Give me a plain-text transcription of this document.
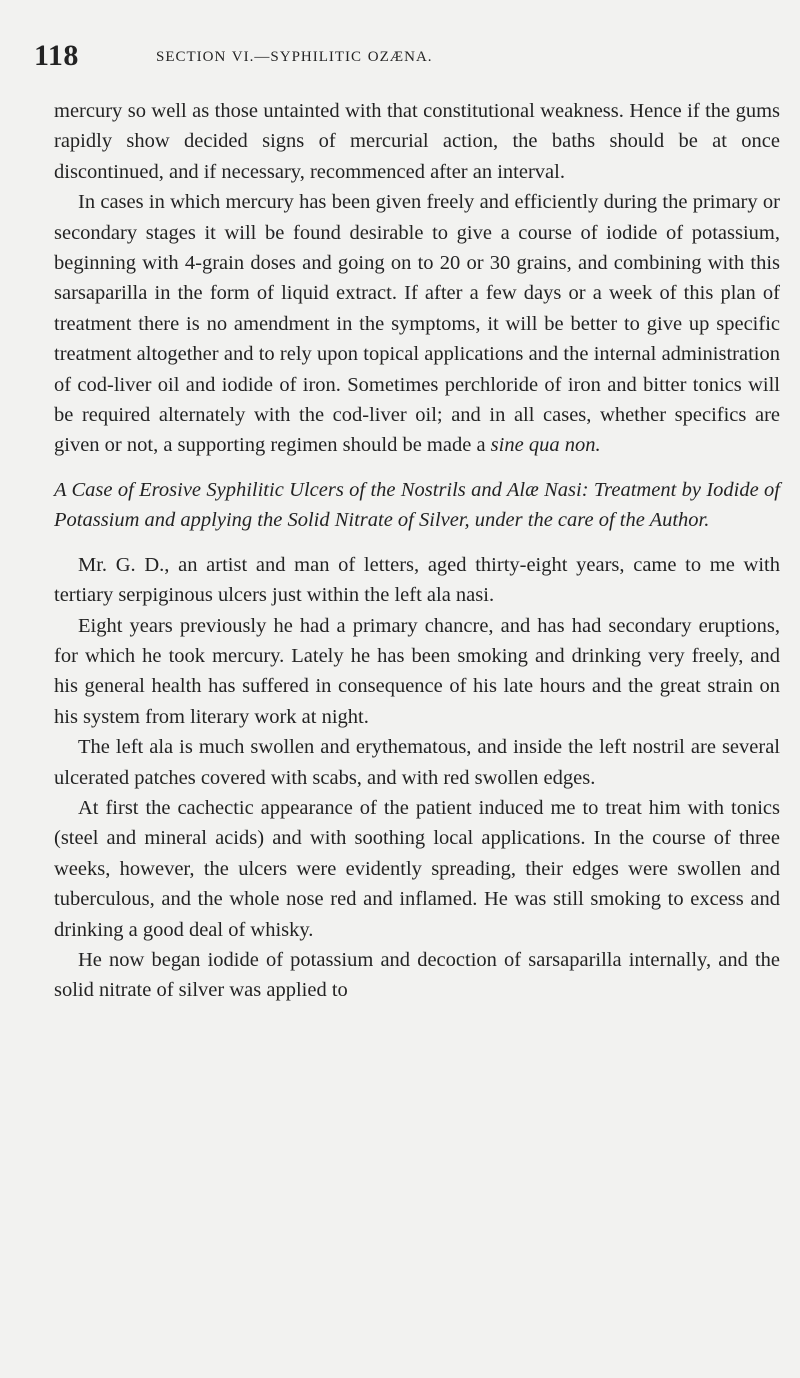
118	SECTION VI.—SYPHILITIC OZÆNA.

mercury so well as those untainted with that constitutional weakness. Hence if the gums rapidly show decided signs of mercurial action, the baths should be at once discontinued, and if necessary, recommenced after an interval.

In cases in which mercury has been given freely and efficiently during the primary or secondary stages it will be found desirable to give a course of iodide of potassium, beginning with 4-grain doses and going on to 20 or 30 grains, and combining with this sarsaparilla in the form of liquid extract. If after a few days or a week of this plan of treatment there is no amendment in the symptoms, it will be better to give up specific treatment altogether and to rely upon topical applications and the internal administration of cod-liver oil and iodide of iron. Sometimes perchloride of iron and bitter tonics will be required alternately with the cod-liver oil; and in all cases, whether specifics are given or not, a supporting regimen should be made a sine qua non.

A Case of Erosive Syphilitic Ulcers of the Nostrils and Alæ Nasi: Treatment by Iodide of Potassium and applying the Solid Nitrate of Silver, under the care of the Author.

Mr. G. D., an artist and man of letters, aged thirty-eight years, came to me with tertiary serpiginous ulcers just within the left ala nasi.

Eight years previously he had a primary chancre, and has had secondary eruptions, for which he took mercury. Lately he has been smoking and drinking very freely, and his general health has suffered in consequence of his late hours and the great strain on his system from literary work at night.

The left ala is much swollen and erythematous, and inside the left nostril are several ulcerated patches covered with scabs, and with red swollen edges.

At first the cachectic appearance of the patient induced me to treat him with tonics (steel and mineral acids) and with soothing local applications. In the course of three weeks, however, the ulcers were evidently spreading, their edges were swollen and tuberculous, and the whole nose red and inflamed. He was still smoking to excess and drinking a good deal of whisky.

He now began iodide of potassium and decoction of sarsaparilla internally, and the solid nitrate of silver was applied to
